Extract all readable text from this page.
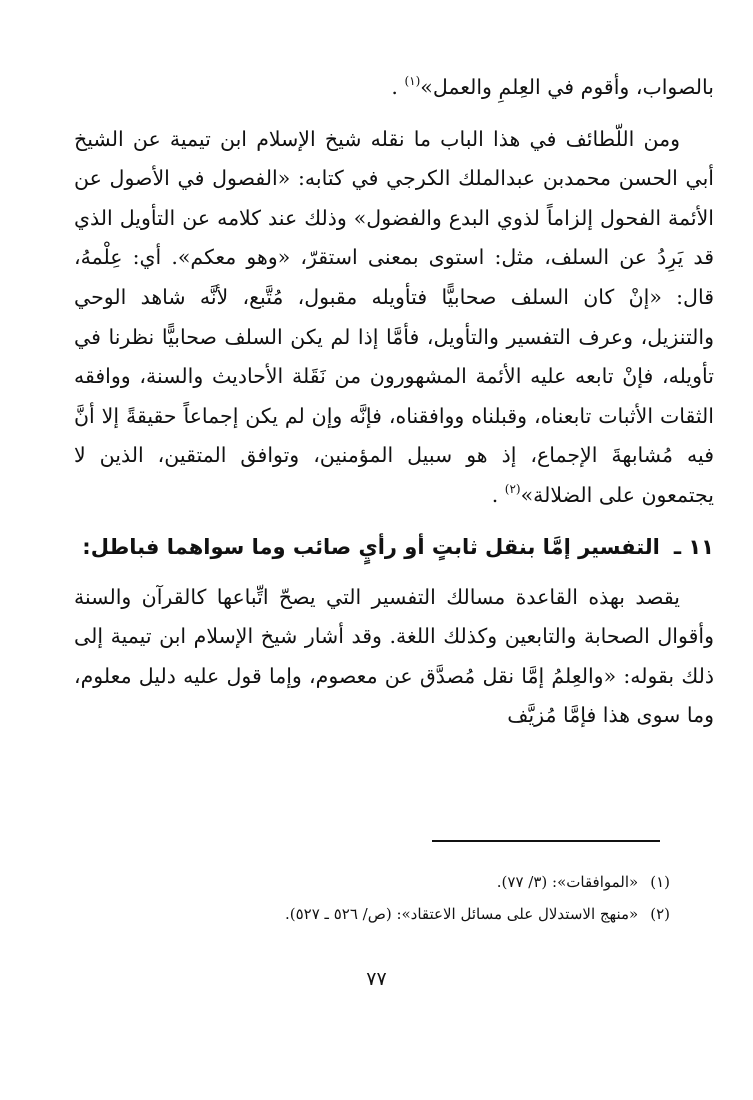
بالصواب، وأقوم في العِلمِ والعمل»$^{(١)}$ .

ومن اللّطائف في هذا الباب ما نقله شيخ الإسلام ابن تيمية عن الشيخ أبي الحسن محمدبن عبدالملك الكرجي في كتابه: «الفصول في الأصول عن الأئمة الفحول إلزاماً لذوي البدع والفضول» وذلك عند كلامه عن التأويل الذي قد يَرِدُ عن السلف، مثل: استوى بمعنى استقرّ، «وهو معكم». أي: عِلْمهُ، قال: «إنْ كان السلف صحابيًّا فتأويله مقبول، مُتَّبع، لأنَّه شاهد الوحي والتنزيل، وعرف التفسير والتأويل، فأمَّا إذا لم يكن السلف صحابيًّا نظرنا في تأويله، فإنْ تابعه عليه الأئمة المشهورون من نَقَلة الأحاديث والسنة، ووافقه الثقات الأثبات تابعناه، وقبلناه ووافقناه، فإنَّه وإن لم يكن إجماعاً حقيقةً إلا أنَّ فيه مُشابهةَ الإجماع، إذ هو سبيل المؤمنين، وتوافق المتقين، الذين لا يجتمعون على الضلالة»$^{(٢)}$ .

١١ ـ
التفسير إمَّا بنقل ثابتٍ أو رأيٍ صائب وما سواهما فباطل:

يقصد بهذه القاعدة مسالك التفسير التي يصحّ اتِّباعها كالقرآن والسنة وأقوال الصحابة والتابعين وكذلك اللغة. وقد أشار شيخ الإسلام ابن تيمية إلى ذلك بقوله: «والعِلمُ إمَّا نقل مُصدَّق عن معصوم، وإما قول عليه دليل معلوم، وما سوى هذا فإمَّا مُزيَّف

(١)
«الموافقات»: (٣/ ٧٧).
(٢)
«منهج الاستدلال على مسائل الاعتقاد»: (ص/ ٥٢٦ ـ ٥٢٧).
٧٧
